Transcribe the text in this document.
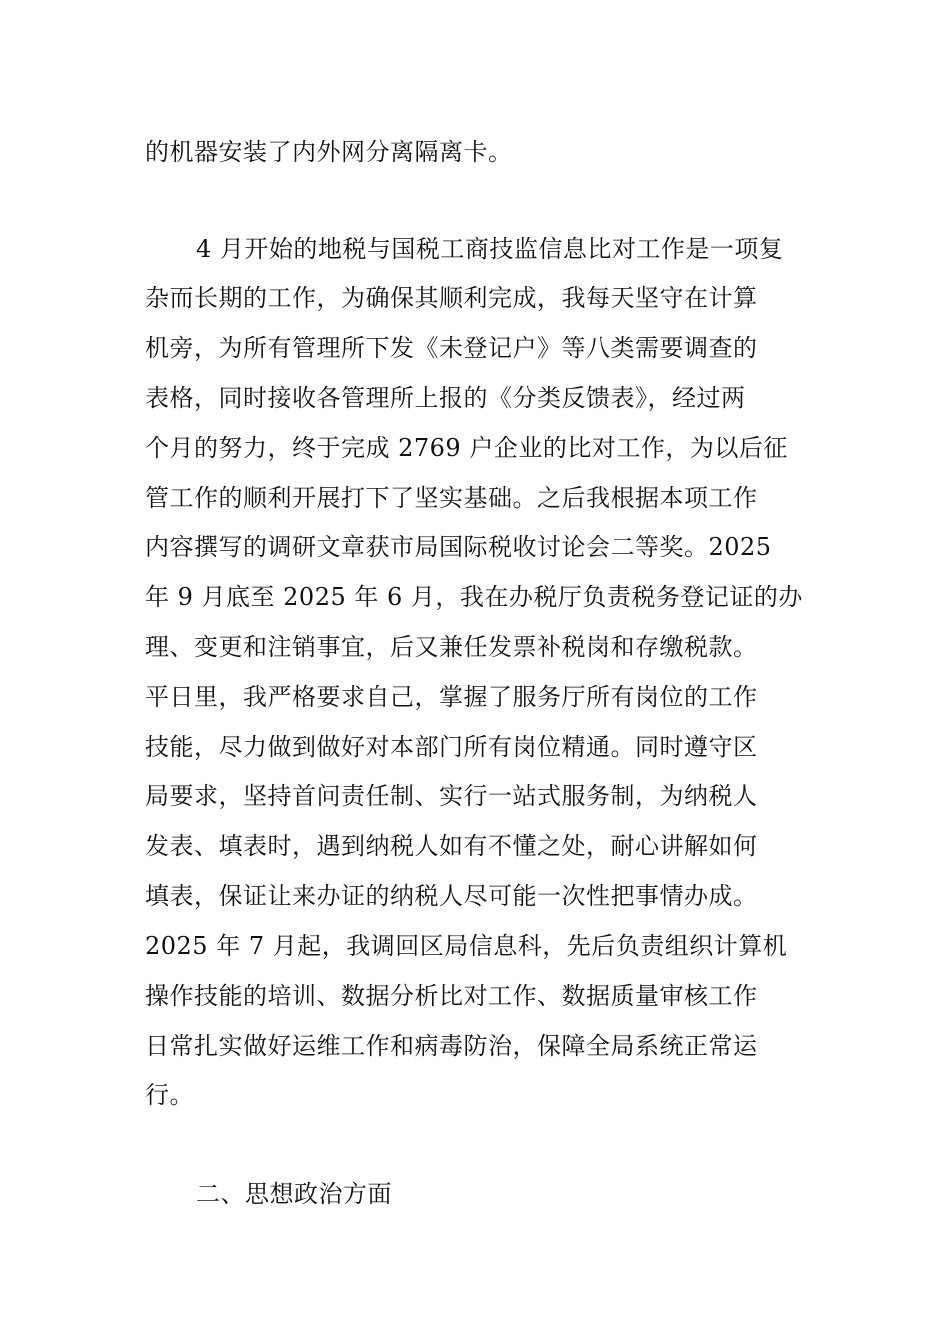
的机器安装了内外网分离隔离卡。
4 月开始的地税与国税工商技监信息比对工作是一项复
杂而长期的工作，为确保其顺利完成，我每天坚守在计算
机旁，为所有管理所下发《未登记户》等八类需要调查的
表格，同时接收各管理所上报的《分类反馈表》，经过两
个月的努力，终于完成 2769 户企业的比对工作，为以后征
管工作的顺利开展打下了坚实基础。之后我根据本项工作
内容撰写的调研文章获市局国际税收讨论会二等奖。2025
年 9 月底至 2025 年 6 月，我在办税厅负责税务登记证的办
理、变更和注销事宜，后又兼任发票补税岗和存缴税款。
平日里，我严格要求自己，掌握了服务厅所有岗位的工作
技能，尽力做到做好对本部门所有岗位精通。同时遵守区
局要求，坚持首问责任制、实行一站式服务制，为纳税人
发表、填表时，遇到纳税人如有不懂之处，耐心讲解如何
填表，保证让来办证的纳税人尽可能一次性把事情办成。
2025 年 7 月起，我调回区局信息科，先后负责组织计算机
操作技能的培训、数据分析比对工作、数据质量审核工作
日常扎实做好运维工作和病毒防治，保障全局系统正常运
行。
二、思想政治方面
